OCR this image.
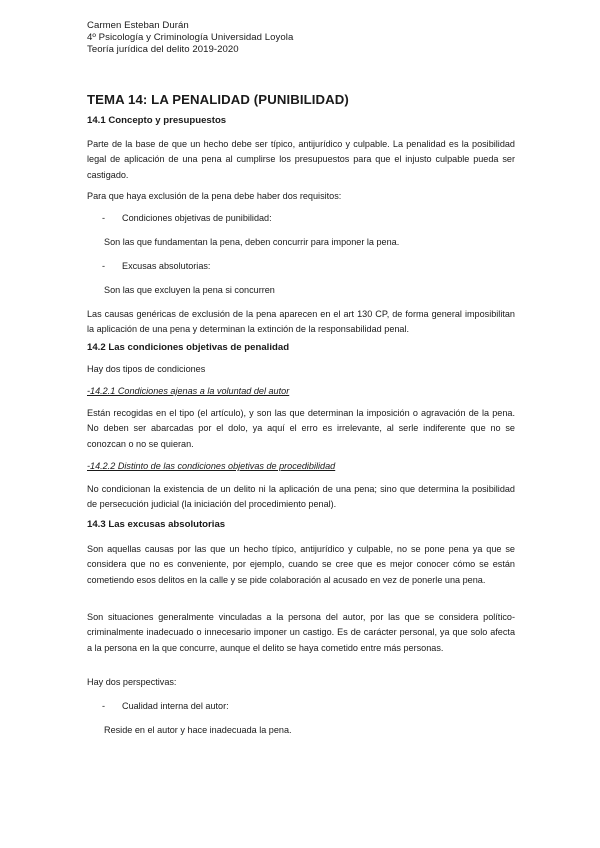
Carmen Esteban Durán
4º Psicología y Criminología Universidad Loyola
Teoría jurídica del delito 2019-2020
TEMA 14: LA PENALIDAD (PUNIBILIDAD)
14.1 Concepto y presupuestos
Parte de la base de que un hecho debe ser típico, antijurídico y culpable. La penalidad es la posibilidad legal de aplicación de una pena al cumplirse los presupuestos para que el injusto culpable pueda ser castigado.
Para que haya exclusión de la pena debe haber dos requisitos:
- Condiciones objetivas de punibilidad:
Son las que fundamentan la pena, deben concurrir para imponer la pena.
- Excusas absolutorias:
Son las que excluyen la pena si concurren
Las causas genéricas de exclusión de la pena aparecen en el art 130 CP, de forma general imposibilitan la aplicación de una pena y determinan la extinción de la responsabilidad penal.
14.2 Las condiciones objetivas de penalidad
Hay dos tipos de condiciones
-14.2.1 Condiciones ajenas a la voluntad del autor
Están recogidas en el tipo (el artículo), y son las que determinan la imposición o agravación de la pena. No deben ser abarcadas por el dolo, ya aquí el erro es irrelevante, al serle indiferente que no se conozcan o no se quieran.
-14.2.2 Distinto de las condiciones objetivas de procedibilidad
No condicionan la existencia de un delito ni la aplicación de una pena; sino que determina la posibilidad de persecución judicial (la iniciación del procedimiento penal).
14.3 Las excusas absolutorias
Son aquellas causas por las que un hecho típico, antijurídico y culpable, no se pone pena ya que se considera que no es conveniente, por ejemplo, cuando se cree que es mejor conocer cómo se están cometiendo esos delitos en la calle y se pide colaboración al acusado en vez de ponerle una pena.
Son situaciones generalmente vinculadas a la persona del autor, por las que se considera político-criminalmente inadecuado o innecesario imponer un castigo. Es de carácter personal, ya que solo afecta a la persona en la que concurre, aunque el delito se haya cometido entre más personas.
Hay dos perspectivas:
- Cualidad interna del autor:
Reside en el autor y hace inadecuada la pena.
